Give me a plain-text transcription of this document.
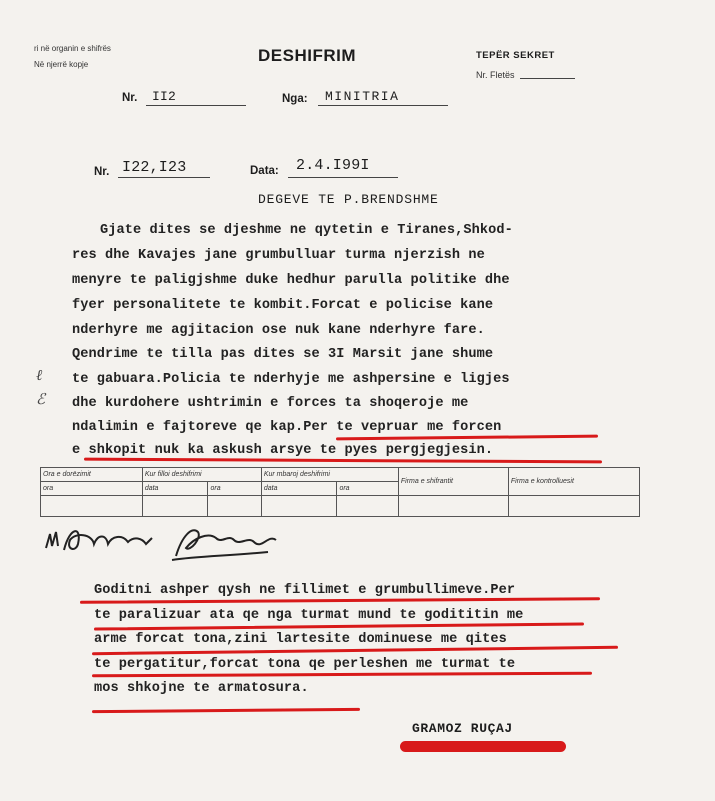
ri në organin e shifrës
Në njerrë kopje	DESHIFRIM	TEPËR SEKRET
Nr. Fletës
Nr. II2	Nga: MINITRIA
Nr. I22,I23	Data: 2.4.I99I
DEGEVE TE P.BRENDSHME
ℓ
ℰ
Gjate dites se djeshme ne qytetin e Tiranes,Shkod-
res dhe Kavajes jane grumbulluar turma njerzish ne
menyre te paligjshme duke hedhur parulla politike dhe
fyer personalitete te kombit.Forcat e policise kane
nderhyre me agjitacion ose nuk kane nderhyre fare.
Qendrime te tilla pas dites se 3I Marsit jane shume
te gabuara.Policia te nderhyje me ashpersine e ligjes
dhe kurdohere ushtrimin e forces ta shoqeroje me
ndalimin e fajtoreve qe kap.Per te vepruar me forcen
e shkopit nuk ka askush arsye te pyes pergjegjesin.
Ora e dorëzimit	Kur filloi deshifrimi		Kur mbaroj deshifrimi		Firma e shifrantit	Firma e kontrolluesit
ora	data	ora	data	ora		

Goditni ashper qysh ne fillimet e grumbullimeve.Per
te paralizuar ata qe nga turmat mund te godititin me
arme forcat tona,zini lartesite dominuese me qites
te pergatitur,forcat tona qe perleshen me turmat te
mos shkojne te armatosura.
GRAMOZ RUÇAJ
